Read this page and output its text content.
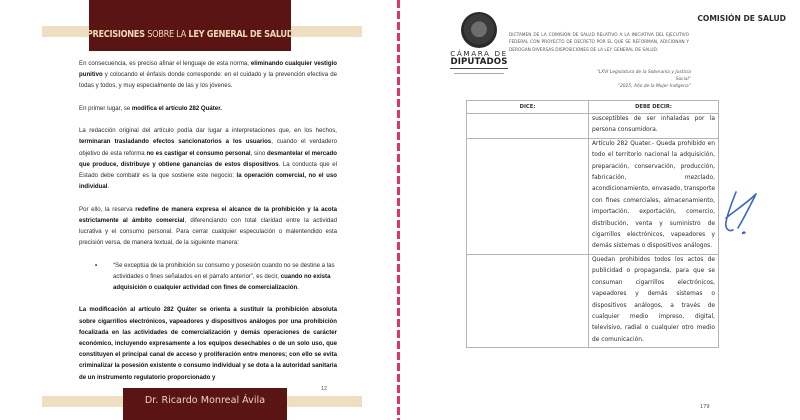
PRECISIONES SOBRE LA LEY GENERAL DE SALUD

En consecuencia, es preciso afinar el lenguaje de esta norma, eliminando cualquier vestigio punitivo y colocando el énfasis donde corresponde: en el cuidado y la prevención efectiva de todas y todos, y muy especialmente de las y los jóvenes.

En primer lugar, se modifica el artículo 282 Quáter.

La redacción original del artículo podía dar lugar a interpretaciones que, en los hechos, terminaran trasladando efectos sancionatorios a los usuarios, cuando el verdadero objetivo de esta reforma no es castigar el consumo personal, sino desmantelar el mercado que produce, distribuye y obtiene ganancias de estos dispositivos. La conducta que el Estado debe combatir es la que sostiene este negocio: la operación comercial, no el uso individual.

Por ello, la reserva redefine de manera expresa el alcance de la prohibición y la acota estrictamente al ámbito comercial, diferenciando con total claridad entre la actividad lucrativa y el consumo personal. Para cerrar cualquier especulación o malentendido esta precisión versa, de manera textual, de la siguiente manera:

•	“Se exceptúa de la prohibición su consumo y posesión cuando no se destine a las actividades o fines señalados en el párrafo anterior”, es decir, cuando no exista adquisición o cualquier actividad con fines de comercialización.

La modificación al artículo 282 Quáter se orienta a sustituir la prohibición absoluta sobre cigarrillos electrónicos, vapeadores y dispositivos análogos por una prohibición focalizada en las actividades de comercialización y demás operaciones de carácter económico, incluyendo expresamente a los equipos desechables o de un solo uso, que constituyen el principal canal de acceso y proliferación entre menores; con ello se evita criminalizar la posesión existente o consumo individual y se dota a la autoridad sanitaria de un instrumento regulatorio proporcionado y

12
Dr. Ricardo Monreal Ávila
CÁMARA DE
DIPUTADOS
COMISIÓN DE SALUD
DICTAMEN DE LA COMISIÓN DE SALUD RELATIVO A LA INICIATIVA DEL EJECUTIVO FEDERAL CON PROYECTO DE DECRETO POR EL QUE SE REFORMAN, ADICIONAN Y DEROGAN DIVERSAS DISPOSICIONES DE LA LEY GENERAL DE SALUD.
“LXVI Legislatura de la Soberanía y Justicia Social”
“2025, Año de la Mujer Indígena”
DICE:	DEBE DECIR:
	susceptibles de ser inhaladas por la persona consumidora.
	Artículo 282 Quater.- Queda prohibido en todo el territorio nacional la adquisición, preparación, conservación, producción, fabricación, mezclado, acondicionamiento, envasado, transporte con fines comerciales, almacenamiento, importación, exportación, comercio, distribución, venta y suministro de cigarrillos electrónicos, vapeadores y demás sistemas o dispositivos análogos.
	Quedan prohibidos todos los actos de publicidad o propaganda, para que se consuman cigarrillos electrónicos, vapeadores y demás sistemas o dispositivos análogos, a través de cualquier medio impreso, digital, televisivo, radial o cualquier otro medio de comunicación.
179
